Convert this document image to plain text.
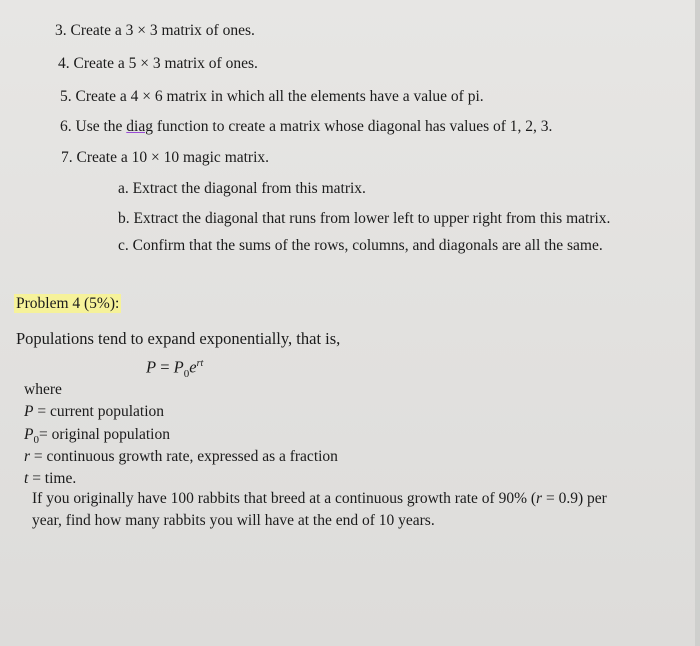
3. Create a 3 × 3 matrix of ones.
4. Create a 5 × 3 matrix of ones.
5. Create a 4 × 6 matrix in which all the elements have a value of pi.
6. Use the diag function to create a matrix whose diagonal has values of 1, 2, 3.
7. Create a 10 × 10 magic matrix.
a. Extract the diagonal from this matrix.
b. Extract the diagonal that runs from lower left to upper right from this matrix.
c. Confirm that the sums of the rows, columns, and diagonals are all the same.
Problem 4 (5%):
Populations tend to expand exponentially, that is,
$P = P_0e^{rt}$
where
P = current population
$P_0=$ original population
r = continuous growth rate, expressed as a fraction
t = time.
If you originally have 100 rabbits that breed at a continuous growth rate of 90% (r = 0.9) per
year, find how many rabbits you will have at the end of 10 years.
